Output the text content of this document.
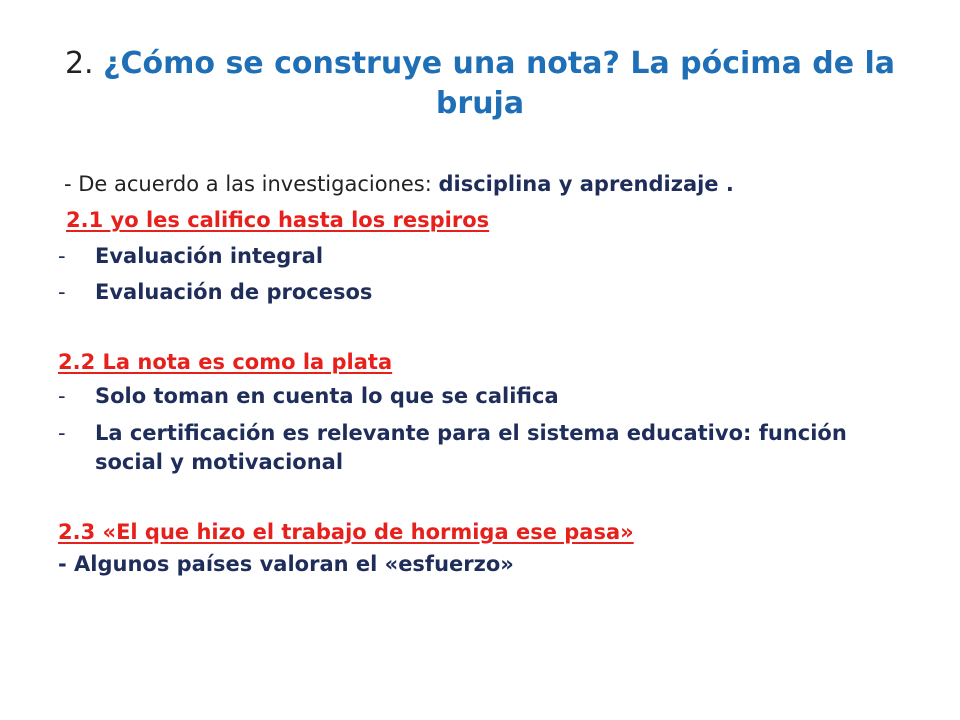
2. ¿Cómo se construye una nota? La pócima de la bruja
- De acuerdo a las investigaciones: disciplina y aprendizaje .
2.1 yo les califico hasta los respiros
-	Evaluación integral
-	Evaluación de procesos
2.2 La nota es como la plata
-	Solo toman en cuenta lo que se califica
-	La certificación es relevante para el sistema educativo: función social y motivacional
2.3 «El que hizo el trabajo de hormiga ese pasa»
- Algunos países valoran el «esfuerzo»
